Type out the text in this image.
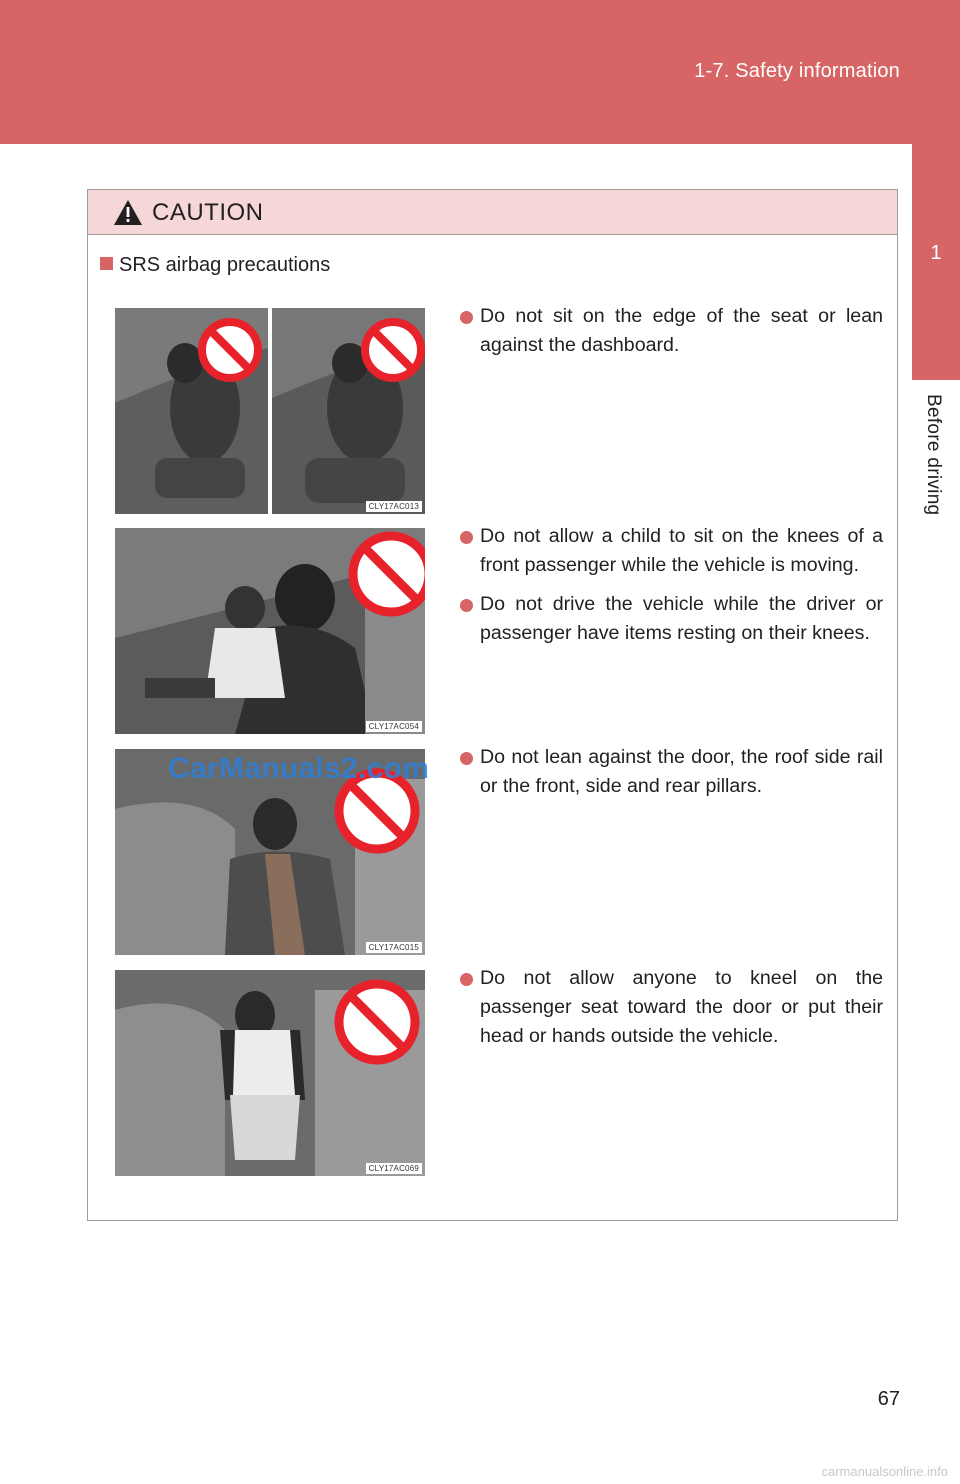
1-7. Safety information
1
Before driving
CAUTION
SRS airbag precautions
CLY17AC013
Do not sit on the edge of the seat or lean against the dashboard.
CLY17AC054
Do not allow a child to sit on the knees of a front passenger while the vehicle is moving.
Do not drive the vehicle while the driver or passenger have items resting on their knees.
CLY17AC015
Do not lean against the door, the roof side rail or the front, side and rear pillars.
CLY17AC069
Do not allow anyone to kneel on the passenger seat toward the door or put their head or hands outside the vehicle.
CarManuals2.com
67
carmanualsonline.info
